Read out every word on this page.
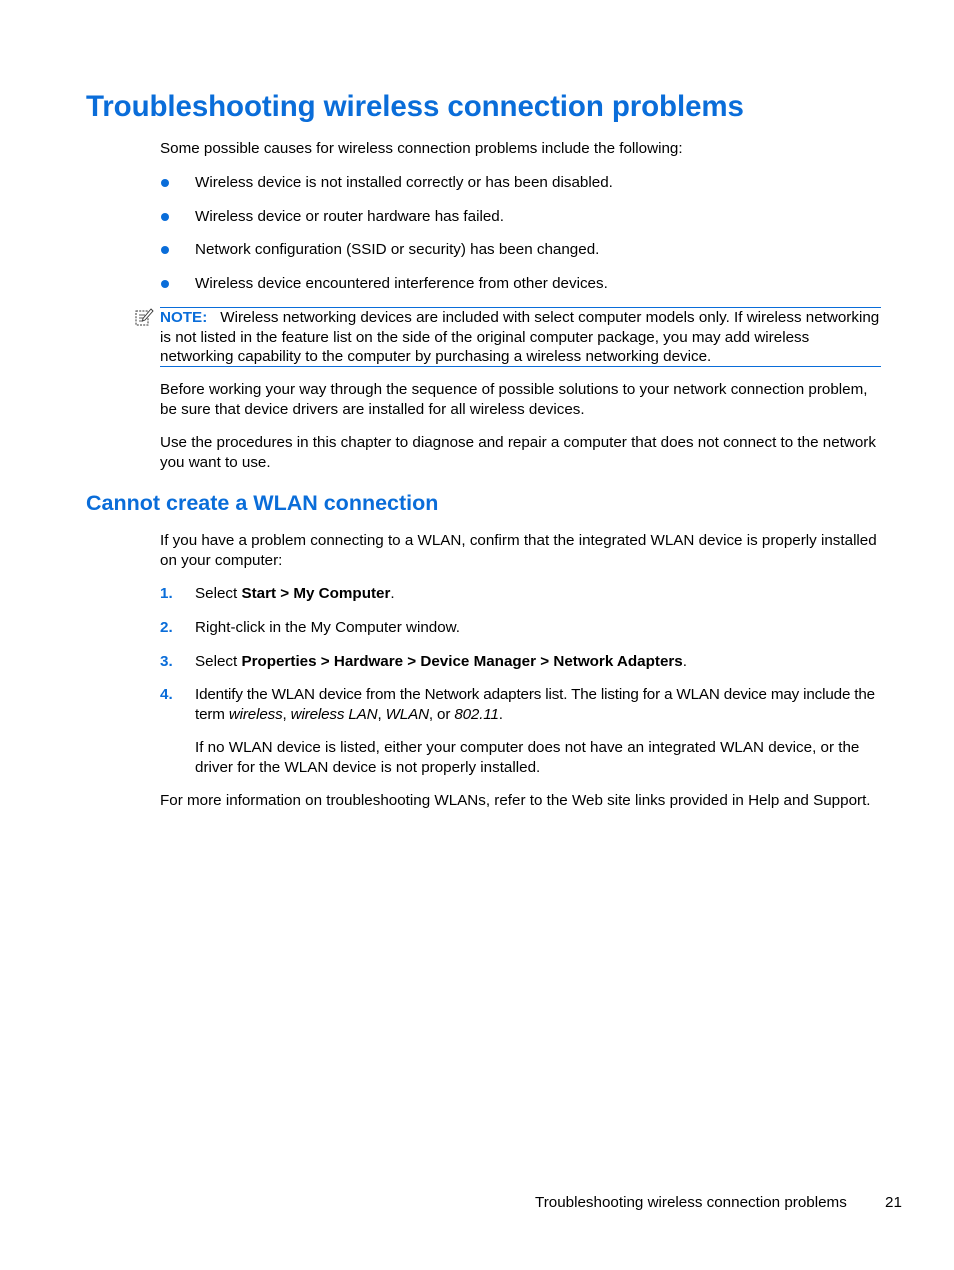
Troubleshooting wireless connection problems

Some possible causes for wireless connection problems include the following:

Wireless device is not installed correctly or has been disabled.

Wireless device or router hardware has failed.

Network configuration (SSID or security) has been changed.

Wireless device encountered interference from other devices.

NOTE: Wireless networking devices are included with select computer models only. If wireless networking is not listed in the feature list on the side of the original computer package, you may add wireless networking capability to the computer by purchasing a wireless networking device.

Before working your way through the sequence of possible solutions to your network connection problem, be sure that device drivers are installed for all wireless devices.

Use the procedures in this chapter to diagnose and repair a computer that does not connect to the network you want to use.

Cannot create a WLAN connection

If you have a problem connecting to a WLAN, confirm that the integrated WLAN device is properly installed on your computer:

1. Select Start > My Computer.

2. Right-click in the My Computer window.

3. Select Properties > Hardware > Device Manager > Network Adapters.

4. Identify the WLAN device from the Network adapters list. The listing for a WLAN device may include the term wireless, wireless LAN, WLAN, or 802.11.

If no WLAN device is listed, either your computer does not have an integrated WLAN device, or the driver for the WLAN device is not properly installed.

For more information on troubleshooting WLANs, refer to the Web site links provided in Help and Support.

Troubleshooting wireless connection problems	21
